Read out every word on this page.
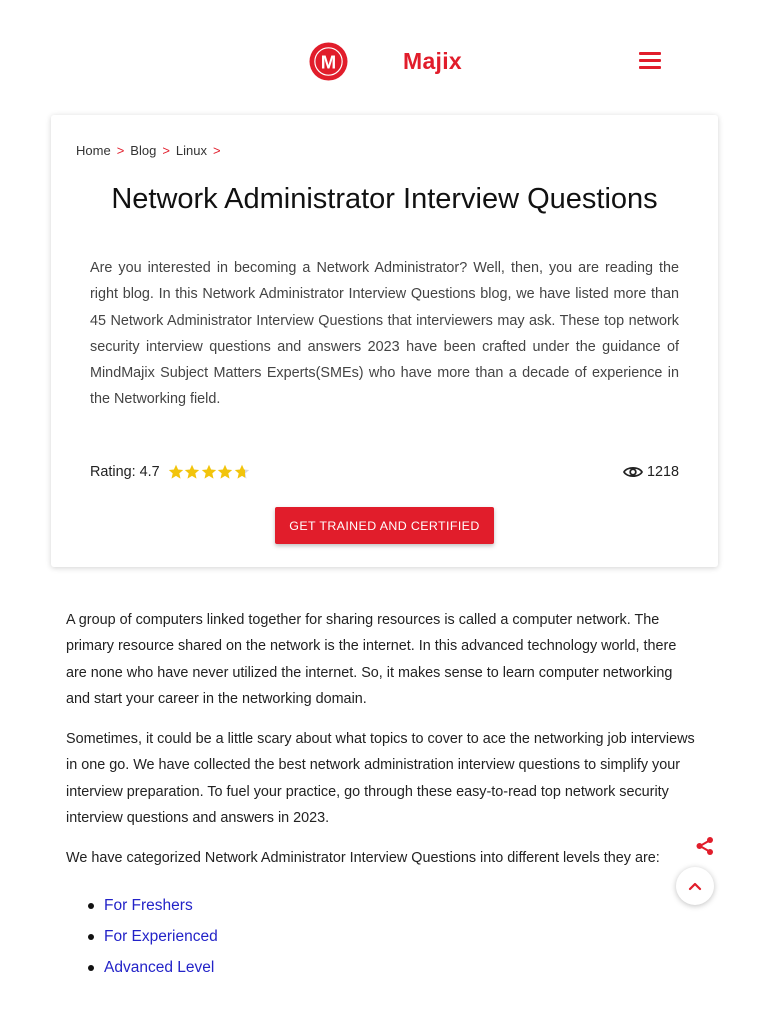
M	Majix
Home > Blog > Linux >
Network Administrator Interview Questions

Are you interested in becoming a Network Administrator? Well, then, you are reading the right blog. In this Network Administrator Interview Questions blog, we have listed more than 45 Network Administrator Interview Questions that interviewers may ask. These top network security interview questions and answers 2023 have been crafted under the guidance of MindMajix Subject Matters Experts(SMEs) who have more than a decade of experience in the Networking field.

Rating: 4.7	1218
GET TRAINED AND CERTIFIED

A group of computers linked together for sharing resources is called a computer network. The primary resource shared on the network is the internet. In this advanced technology world, there are none who have never utilized the internet. So, it makes sense to learn computer networking and start your career in the networking domain.

Sometimes, it could be a little scary about what topics to cover to ace the networking job interviews in one go. We have collected the best network administration interview questions to simplify your interview preparation. To fuel your practice, go through these easy-to-read top network security interview questions and answers in 2023.

We have categorized Network Administrator Interview Questions into different levels they are:

For Freshers
For Experienced
Advanced Level
